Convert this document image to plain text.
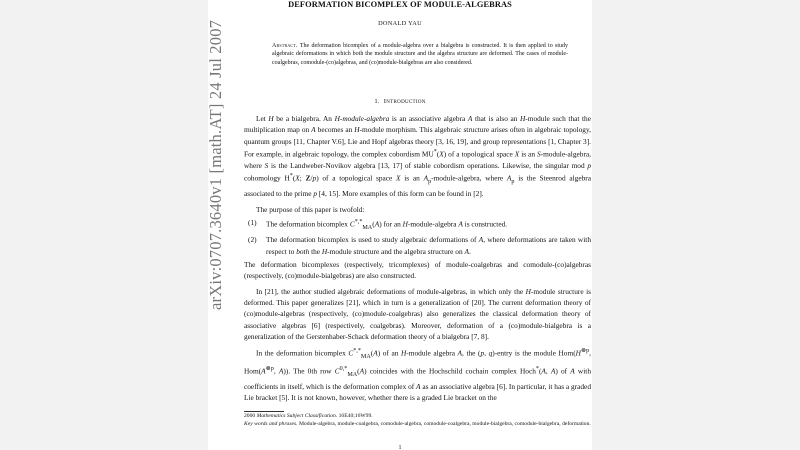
DEFORMATION BICOMPLEX OF MODULE-ALGEBRAS
DONALD YAU
Abstract. The deformation bicomplex of a module-algebra over a bialgebra is constructed. It is then applied to study algebraic deformations in which both the module structure and the algebra structure are deformed. The cases of module-coalgebras, comodule-(co)algebras, and (co)module-bialgebras are also considered.
1. Introduction

Let H be a bialgebra. An H-module-algebra is an associative algebra A that is also an H-module such that the multiplication map on A becomes an H-module morphism. This algebraic structure arises often in algebraic topology, quantum groups [11, Chapter V.6], Lie and Hopf algebras theory [3, 16, 19], and group representations [1, Chapter 3]. For example, in algebraic topology, the complex cobordism MU*(X) of a topological space X is an S-module-algebra, where S is the Landweber-Novikov algebra [13, 17] of stable cobordism operations. Likewise, the singular mod p cohomology H*(X; Z/p) of a topological space X is an $A_p-module$-algebra, where $A_p$ is the Steenrod algebra associated to the prime p [4, 15]. More examples of this form can be found in [2].

The purpose of this paper is twofold:

(1) The deformation bicomplex $C^{*,*}_{MA}(A)$ for an H-module-algebra A is constructed.
(2) The deformation bicomplex is used to study algebraic deformations of A, where deformations are taken with respect to both the H-module structure and the algebra structure on A.

The deformation bicomplexes (respectively, tricomplexes) of module-coalgebras and comodule-(co)algebras (respectively, (co)module-bialgebras) are also constructed.

In [21], the author studied algebraic deformations of module-algebras, in which only the H-module structure is deformed. This paper generalizes [21], which in turn is a generalization of [20]. The current deformation theory of (co)module-algebras (respectively, (co)module-coalgebras) also generalizes the classical deformation theory of associative algebras [6] (respectively, coalgebras). Moreover, deformation of a (co)module-bialgebra is a generalization of the Gerstenhaber-Schack deformation theory of a bialgebra [7, 8].

In the deformation bicomplex $C^{*,*}_{MA}(A)$ of an H-module algebra A, the (p, q)-entry is the module $Hom(H^{\otimes p}$, $Hom(A^{\otimes p}$, A)). The 0th row $C^{0,*}_{MA}(A)$ coincides with the Hochschild cochain complex Hoch*(A, A) of A with coefficients in itself, which is the deformation complex of A as an associative algebra [6]. In particular, it has a graded Lie bracket [5]. It is not known, however, whether there is a graded Lie bracket on the

2000 Mathematics Subject Classification. 16E40;16W99.
Key words and phrases. Module-algebra, module-coalgebra, comodule-algebra, comodule-coalgebra, module-bialgebra, comodule-bialgebra, deformation.
1
arXiv:0707.3640v1 [math.AT] 24 Jul 2007
